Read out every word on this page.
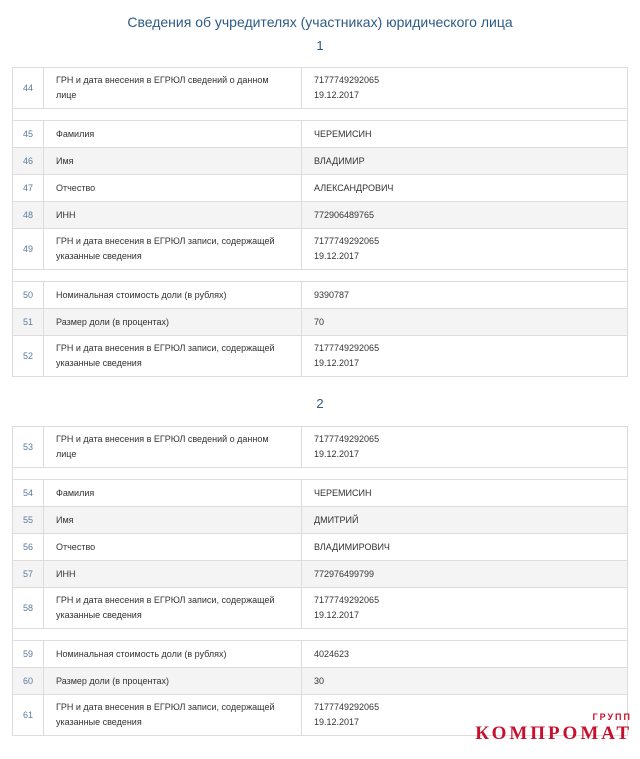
Сведения об учредителях (участниках) юридического лица
1
44	ГРН и дата внесения в ЕГРЮЛ сведений о данном
лице	7177749292065
19.12.2017

45	Фамилия	ЧЕРЕМИСИН

46	Имя	ВЛАДИМИР

47	Отчество	АЛЕКСАНДРОВИЧ

48	ИНН	772906489765

49	ГРН и дата внесения в ЕГРЮЛ записи, содержащей
указанные сведения	7177749292065
19.12.2017

50	Номинальная стоимость доли (в рублях)	9390787

51	Размер доли (в процентах)	70

52	ГРН и дата внесения в ЕГРЮЛ записи, содержащей
указанные сведения	7177749292065
19.12.2017
2
53	ГРН и дата внесения в ЕГРЮЛ сведений о данном
лице	7177749292065
19.12.2017

54	Фамилия	ЧЕРЕМИСИН

55	Имя	ДМИТРИЙ

56	Отчество	ВЛАДИМИРОВИЧ

57	ИНН	772976499799

58	ГРН и дата внесения в ЕГРЮЛ записи, содержащей
указанные сведения	7177749292065
19.12.2017

59	Номинальная стоимость доли (в рублях)	4024623

60	Размер доли (в процентах)	30

61	ГРН и дата внесения в ЕГРЮЛ записи, содержащей
указанные сведения	7177749292065
19.12.2017	ГРУПП
КОМПРОМАТ
